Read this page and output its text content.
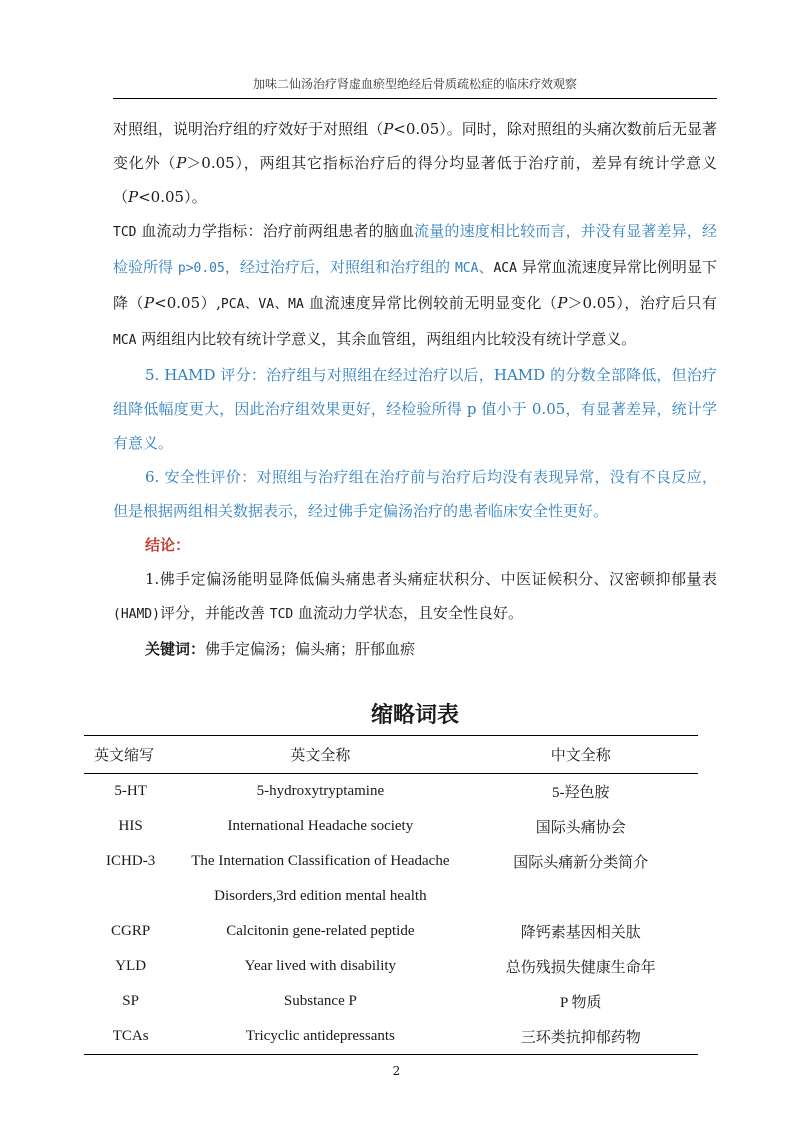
加味二仙汤治疗肾虚血瘀型绝经后骨质疏松症的临床疗效观察

对照组，说明治疗组的疗效好于对照组（P<0.05）。同时，除对照组的头痛次数前后无显著变化外（P＞0.05），两组其它指标治疗后的得分均显著低于治疗前，差异有统计学意义（P<0.05）。

TCD 血流动力学指标：治疗前两组患者的脑血流量的速度相比较而言，并没有显著差异，经检验所得 p>0.05，经过治疗后，对照组和治疗组的 MCA、ACA 异常血流速度异常比例明显下降（P<0.05）,PCA、VA、MA 血流速度异常比例较前无明显变化（P＞0.05），治疗后只有 MCA 两组组内比较有统计学意义，其余血管组，两组组内比较没有统计学意义。

5. HAMD 评分：治疗组与对照组在经过治疗以后，HAMD 的分数全部降低，但治疗组降低幅度更大，因此治疗组效果更好，经检验所得 p 值小于 0.05，有显著差异，统计学有意义。

6. 安全性评价：对照组与治疗组在治疗前与治疗后均没有表现异常，没有不良反应，但是根据两组相关数据表示，经过佛手定偏汤治疗的患者临床安全性更好。

结论：

1.佛手定偏汤能明显降低偏头痛患者头痛症状积分、中医证候积分、汉密顿抑郁量表(HAMD)评分，并能改善 TCD 血流动力学状态，且安全性良好。

关键词：佛手定偏汤；偏头痛；肝郁血瘀

缩略词表
英文缩写	英文全称	中文全称
5-HT	5-hydroxytryptamine	5-羟色胺
HIS	International Headache society	国际头痛协会
ICHD-3	The Internation Classification of Headache	国际头痛新分类简介
	Disorders,3rd edition mental health	
CGRP	Calcitonin gene-related peptide	降钙素基因相关肽
YLD	Year lived with disability	总伤残损失健康生命年
SP	Substance P	P 物质
TCAs	Tricyclic antidepressants	三环类抗抑郁药物
2
